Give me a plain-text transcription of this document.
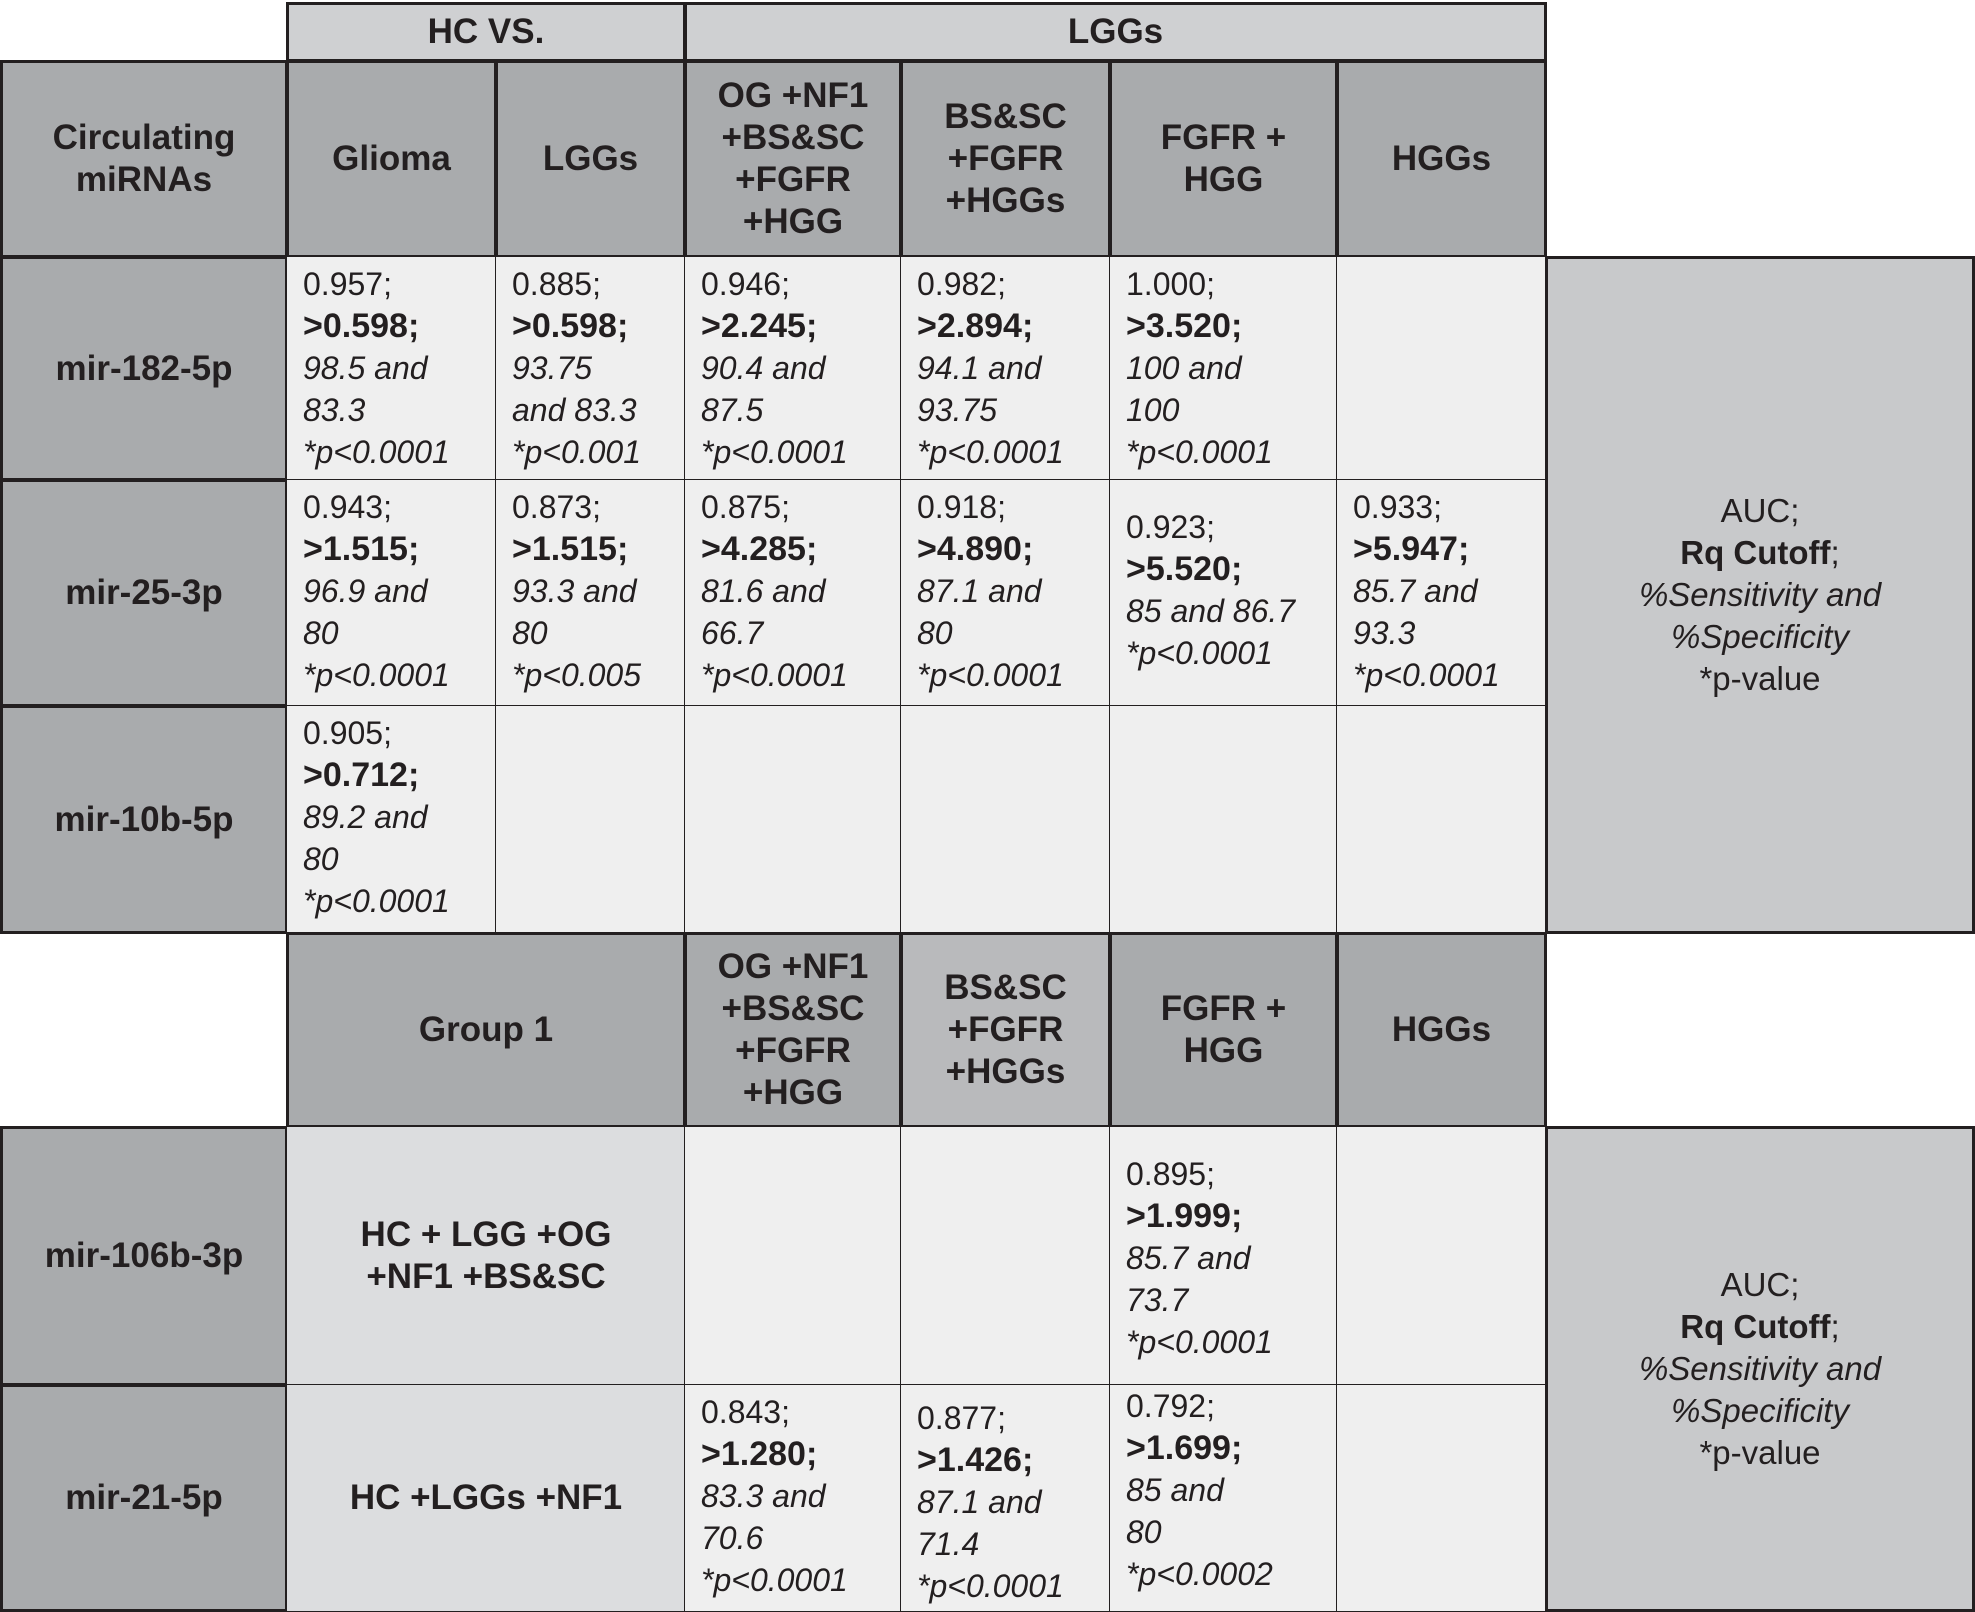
HC VS.	LGGs
Circulating
miRNAs
Glioma	LGGs
OG +NF1
+BS&SC
+FGFR
+HGG
BS&SC
+FGFR
+HGGs
FGFR +
HGG
HGGs
mir-182-5p
mir-25-3p
mir-10b-5p
0.957;
>0.598;
98.5 and
83.3
*p<0.0001
0.885;
>0.598;
93.75
and 83.3
*p<0.001
0.946;
>2.245;
90.4 and
87.5
*p<0.0001
0.982;
>2.894;
94.1 and
93.75
*p<0.0001
1.000;
>3.520;
100 and
100
*p<0.0001
0.943;
>1.515;
96.9 and
80
*p<0.0001
0.873;
>1.515;
93.3 and
80
*p<0.005
0.875;
>4.285;
81.6 and
66.7
*p<0.0001
0.918;
>4.890;
87.1 and
80
*p<0.0001
0.923;
>5.520;
85 and 86.7
*p<0.0001
0.933;
>5.947;
85.7 and
93.3
*p<0.0001
0.905;
>0.712;
89.2 and
80
*p<0.0001
AUC;
Rq Cutoff;
%Sensitivity and
%Specificity
*p-value
Group 1
OG +NF1
+BS&SC
+FGFR
+HGG
BS&SC
+FGFR
+HGGs
FGFR +
HGG
HGGs
mir-106b-3p
mir-21-5p
HC + LGG +OG
+NF1 +BS&SC
HC +LGGs +NF1
0.895;
>1.999;
85.7 and
73.7
*p<0.0001
0.843;
>1.280;
83.3 and
70.6
*p<0.0001
0.877;
>1.426;
87.1 and
71.4
*p<0.0001
0.792;
>1.699;
85 and
80
*p<0.0002
AUC;
Rq Cutoff;
%Sensitivity and
%Specificity
*p-value
